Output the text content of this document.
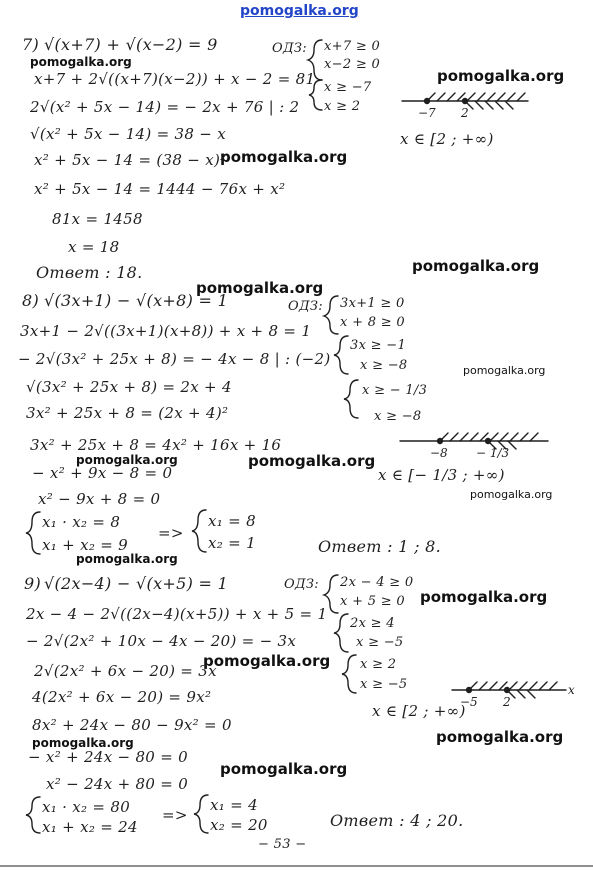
pomogalka.org
pomogalka.org
pomogalka.org
pomogalka.org
pomogalka.org
pomogalka.org
pomogalka.org
pomogalka.org	pomogalka.org
pomogalka.org
pomogalka.org
pomogalka.org
pomogalka.org
pomogalka.org
pomogalka.org
pomogalka.org
7) √(x+7) + √(x−2) = 9	ОДЗ: x+7 ≥ 0
x−2 ≥ 0
x ≥ −7
x ≥ 2	−7 2
x ∈ [2 ; +∞)
x+7 + 2√((x+7)(x−2)) + x − 2 = 81
2√(x² + 5x − 14) = − 2x + 76 | : 2
√(x² + 5x − 14) = 38 − x
x² + 5x − 14 = (38 − x)²
x² + 5x − 14 = 1444 − 76x + x²
81x = 1458
x = 18
Ответ : 18.
8) √(3x+1) − √(x+8) = 1	ОДЗ: 3x+1 ≥ 0
x + 8 ≥ 0
3x ≥ −1
x ≥ −8
x ≥ − 1/3
x ≥ −8
−8 − 1/3
x ∈ [− 1/3 ; +∞)
3x+1 − 2√((3x+1)(x+8)) + x + 8 = 1
− 2√(3x² + 25x + 8) = − 4x − 8 | : (−2)
√(3x² + 25x + 8) = 2x + 4
3x² + 25x + 8 = (2x + 4)²
3x² + 25x + 8 = 4x² + 16x + 16
− x² + 9x − 8 = 0
x² − 9x + 8 = 0
x₁ · x₂ = 8
x₁ + x₂ = 9
=>
x₁ = 8
x₂ = 1	Ответ : 1 ; 8.
9) √(2x−4) − √(x+5) = 1	ОДЗ: 2x − 4 ≥ 0
x + 5 ≥ 0
2x ≥ 4
x ≥ −5
x ≥ 2
x ≥ −5
−5 2
x
x ∈ [2 ; +∞)
2x − 4 − 2√((2x−4)(x+5)) + x + 5 = 1
− 2√(2x² + 10x − 4x − 20) = − 3x
2√(2x² + 6x − 20) = 3x
4(2x² + 6x − 20) = 9x²
8x² + 24x − 80 − 9x² = 0
− x² + 24x − 80 = 0
x² − 24x + 80 = 0
x₁ · x₂ = 80
x₁ + x₂ = 24
=>
x₁ = 4
x₂ = 20	Ответ : 4 ; 20.
− 53 −
